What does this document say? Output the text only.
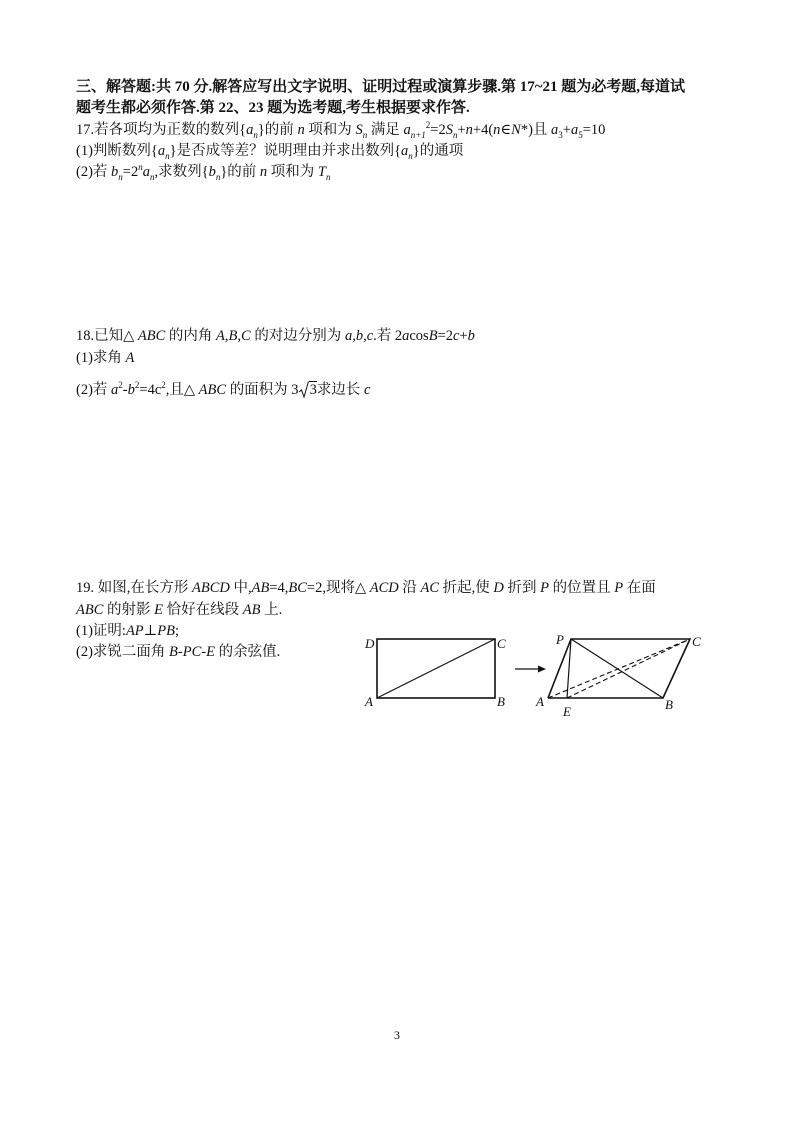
三、解答题:共 70 分.解答应写出文字说明、证明过程或演算步骤.第 17~21 题为必考题,每道试
题考生都必须作答.第 22、23 题为选考题,考生根据要求作答.
17.若各项均为正数的数列$\{a_n\}$的前 n 项和为 $S_n$ 满足 $a_{n+1}^2=2S_n+n+4(n\in N*)$且 $a_3+a_5=10$
(1)判断数列$\{a_n\}$是否成等差？说明理由并求出数列$\{a_n\}$的通项
(2)若 $b_n=2^na_n$,求数列$\{b_n\}$的前 n 项和为 $T_n$
18.已知△ ABC 的内角 A,B,C 的对边分别为 a,b,c.若 2acosB=2c+b
(1)求角 A
(2)若 $a^2-b^2=4c^2$,且△ ABC 的面积为 3 3求边长 c
19. 如图,在长方形 ABCD 中,AB=4,BC=2,现将△ ACD 沿 AC 折起,使 D 折到 P 的位置且 P 在面
ABC 的射影 E 恰好在线段 AB 上.
(1)证明:AP⊥PB;
(2)求锐二面角 B-PC-E 的余弦值.
D	C
A	B
P	C
A
E	B
3
